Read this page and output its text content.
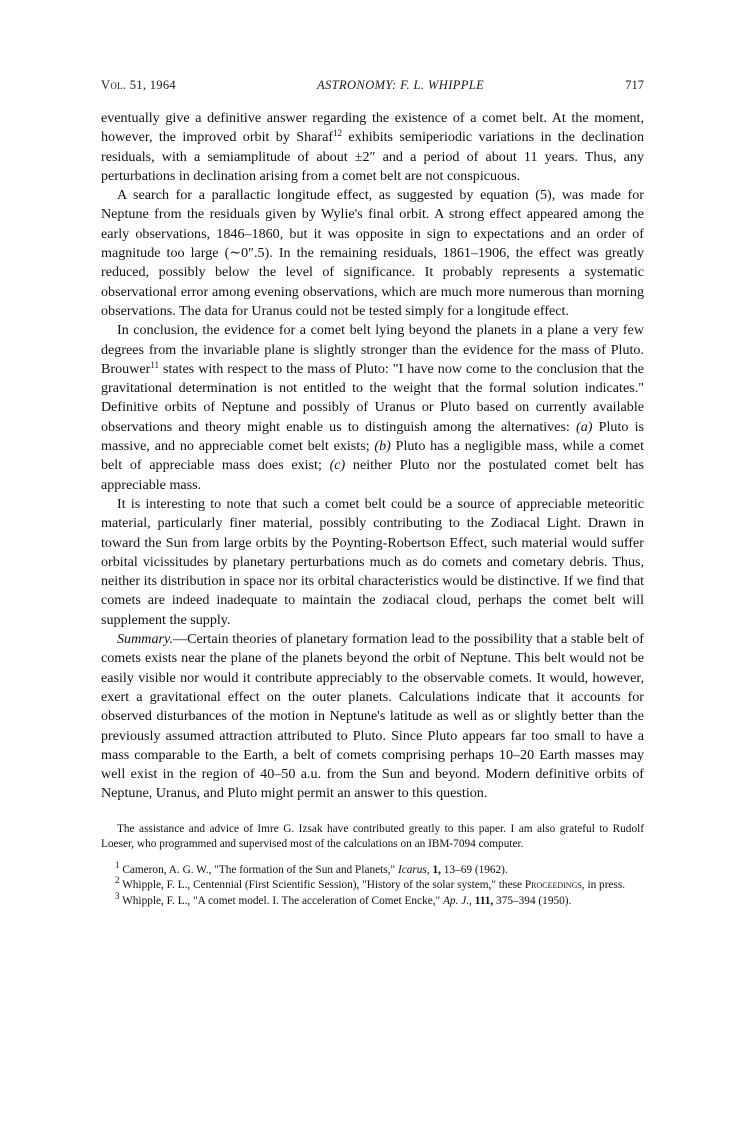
Vol. 51, 1964	ASTRONOMY: F. L. WHIPPLE	717

eventually give a definitive answer regarding the existence of a comet belt. At the moment, however, the improved orbit by Sharaf$^{12}$ exhibits semiperiodic variations in the declination residuals, with a semiamplitude of about ±2″ and a period of about 11 years. Thus, any perturbations in declination arising from a comet belt are not conspicuous.

A search for a parallactic longitude effect, as suggested by equation (5), was made for Neptune from the residuals given by Wylie's final orbit. A strong effect appeared among the early observations, 1846–1860, but it was opposite in sign to expectations and an order of magnitude too large (∼0″.5). In the remaining residuals, 1861–1906, the effect was greatly reduced, possibly below the level of significance. It probably represents a systematic observational error among evening observations, which are much more numerous than morning observations. The data for Uranus could not be tested simply for a longitude effect.

In conclusion, the evidence for a comet belt lying beyond the planets in a plane a very few degrees from the invariable plane is slightly stronger than the evidence for the mass of Pluto. Brouwer$^{11}$ states with respect to the mass of Pluto: "I have now come to the conclusion that the gravitational determination is not entitled to the weight that the formal solution indicates." Definitive orbits of Neptune and possibly of Uranus or Pluto based on currently available observations and theory might enable us to distinguish among the alternatives: (a) Pluto is massive, and no appreciable comet belt exists; (b) Pluto has a negligible mass, while a comet belt of appreciable mass does exist; (c) neither Pluto nor the postulated comet belt has appreciable mass.

It is interesting to note that such a comet belt could be a source of appreciable meteoritic material, particularly finer material, possibly contributing to the Zodiacal Light. Drawn in toward the Sun from large orbits by the Poynting-Robertson Effect, such material would suffer orbital vicissitudes by planetary perturbations much as do comets and cometary debris. Thus, neither its distribution in space nor its orbital characteristics would be distinctive. If we find that comets are indeed inadequate to maintain the zodiacal cloud, perhaps the comet belt will supplement the supply.

Summary.—Certain theories of planetary formation lead to the possibility that a stable belt of comets exists near the plane of the planets beyond the orbit of Neptune. This belt would not be easily visible nor would it contribute appreciably to the observable comets. It would, however, exert a gravitational effect on the outer planets. Calculations indicate that it accounts for observed disturbances of the motion in Neptune's latitude as well as or slightly better than the previously assumed attraction attributed to Pluto. Since Pluto appears far too small to have a mass comparable to the Earth, a belt of comets comprising perhaps 10–20 Earth masses may well exist in the region of 40–50 a.u. from the Sun and beyond. Modern definitive orbits of Neptune, Uranus, and Pluto might permit an answer to this question.

The assistance and advice of Imre G. Izsak have contributed greatly to this paper. I am also grateful to Rudolf Loeser, who programmed and supervised most of the calculations on an IBM-7094 computer.

$^1$ Cameron, A. G. W., "The formation of the Sun and Planets," Icarus, 1, 13–69 (1962).

$^2$ Whipple, F. L., Centennial (First Scientific Session), "History of the solar system," these Proceedings, in press.

$^3$ Whipple, F. L., "A comet model. I. The acceleration of Comet Encke," Ap. J., 111, 375–394 (1950).
